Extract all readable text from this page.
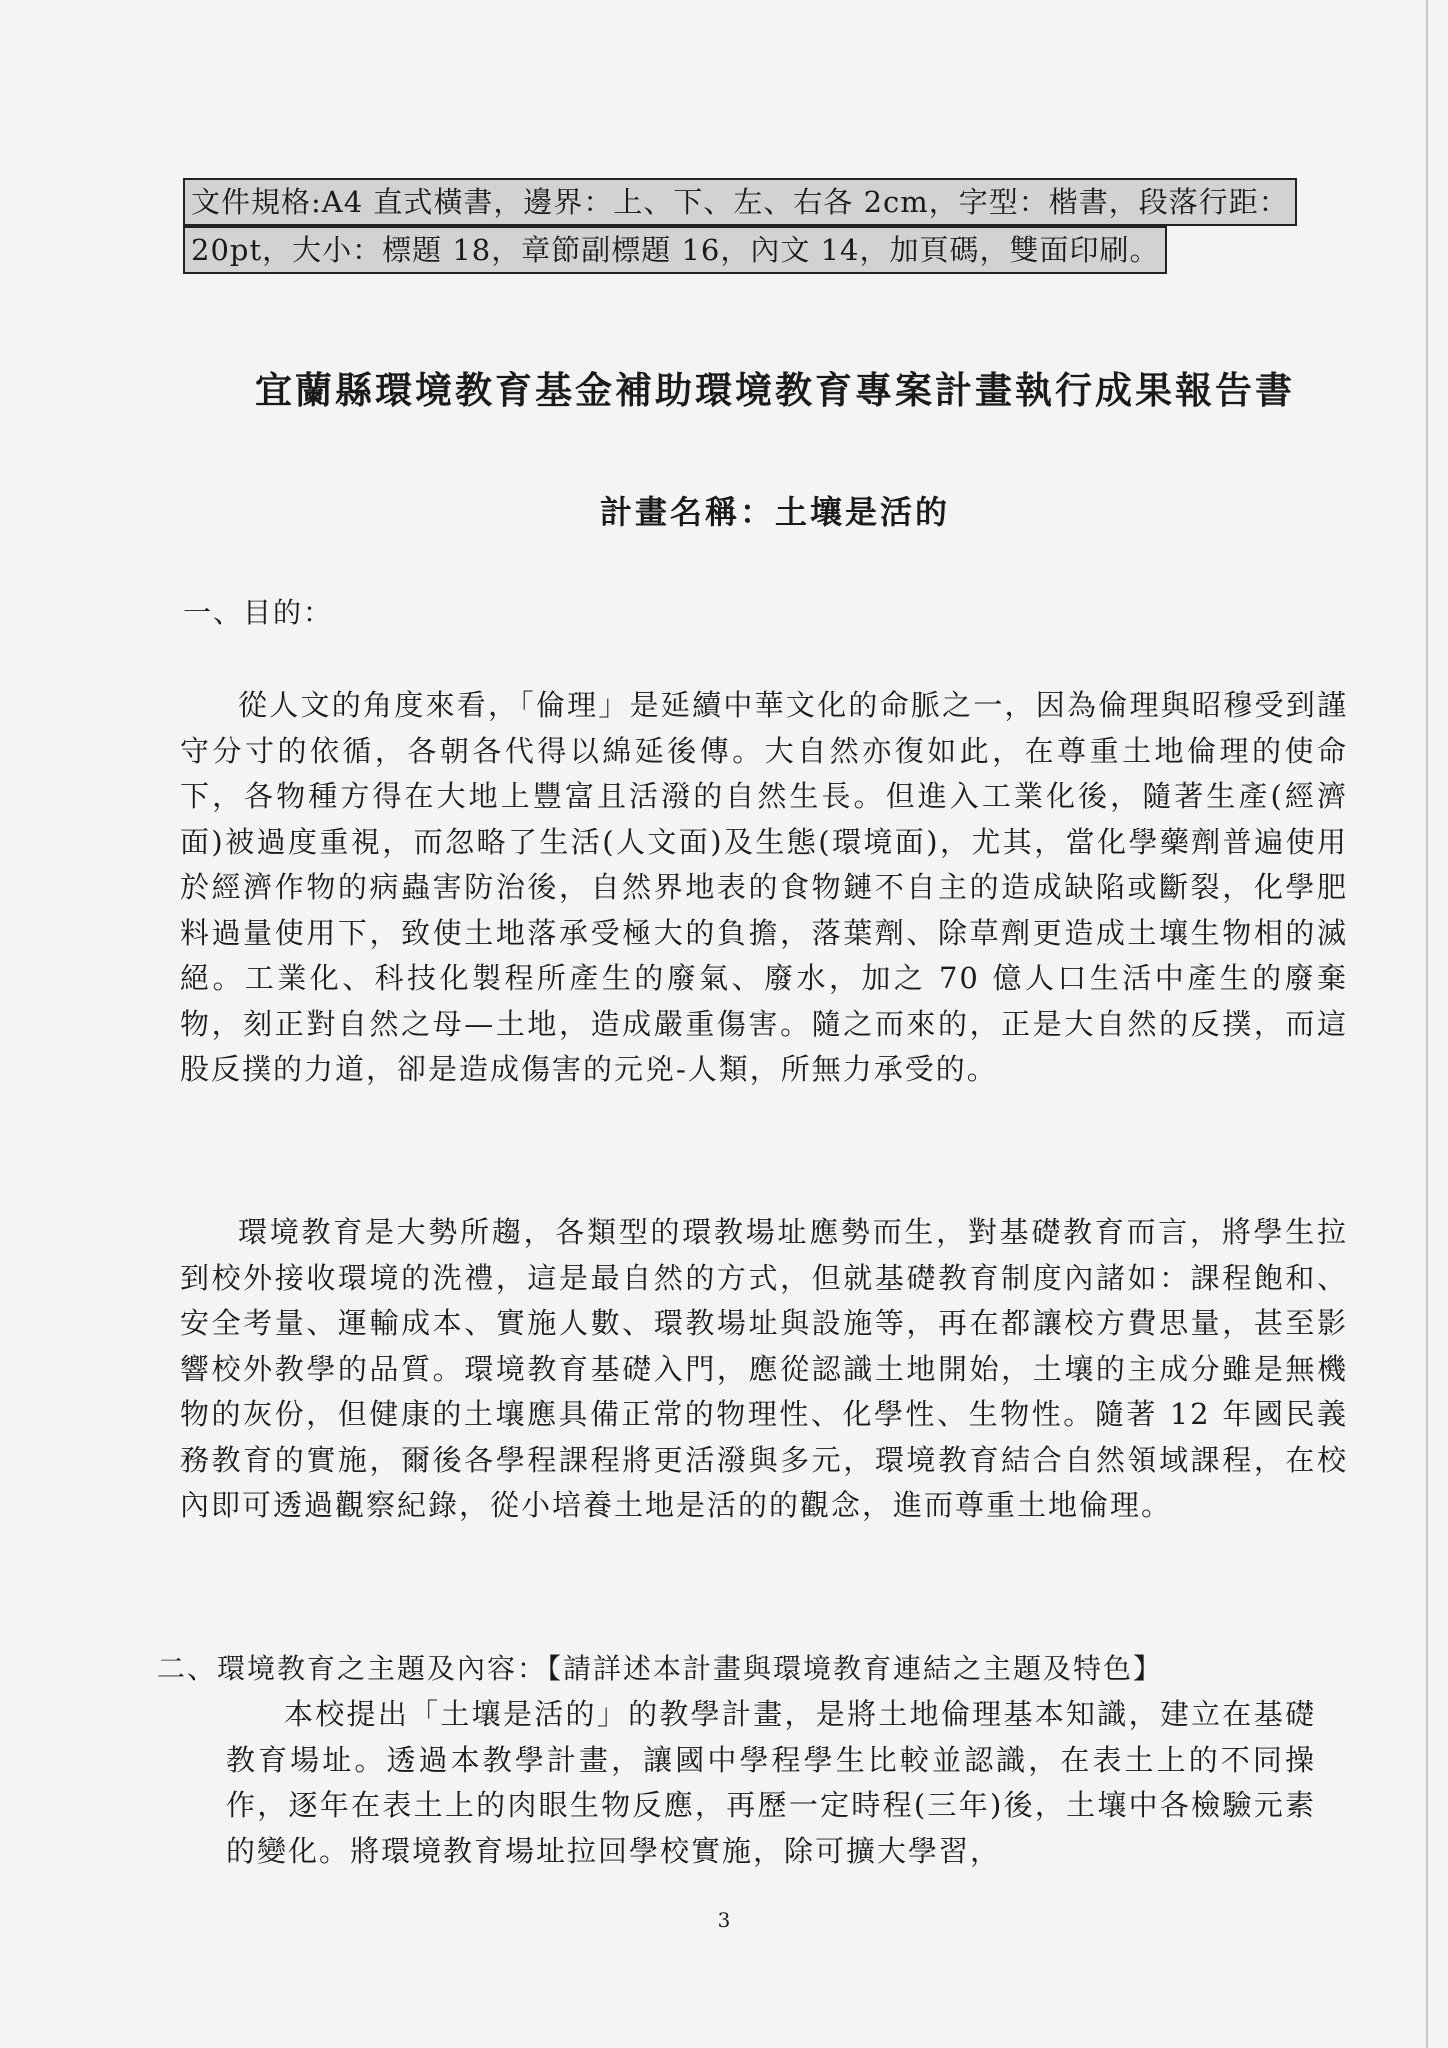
文件規格:A4 直式橫書，邊界：上、下、左、右各 2cm，字型：楷書，段落行距：
20pt，大小：標題 18，章節副標題 16，內文 14，加頁碼，雙面印刷。
宜蘭縣環境教育基金補助環境教育專案計畫執行成果報告書
計畫名稱：土壤是活的
一、目的：

從人文的角度來看，「倫理」是延續中華文化的命脈之一，因為倫理與昭穆受到謹守分寸的依循，各朝各代得以綿延後傳。大自然亦復如此，在尊重土地倫理的使命下，各物種方得在大地上豐富且活潑的自然生長。但進入工業化後，隨著生產(經濟面)被過度重視，而忽略了生活(人文面)及生態(環境面)，尤其，當化學藥劑普遍使用於經濟作物的病蟲害防治後，自然界地表的食物鏈不自主的造成缺陷或斷裂，化學肥料過量使用下，致使土地落承受極大的負擔，落葉劑、除草劑更造成土壤生物相的滅絕。工業化、科技化製程所產生的廢氣、廢水，加之 70 億人口生活中產生的廢棄物，刻正對自然之母—土地，造成嚴重傷害。隨之而來的，正是大自然的反撲，而這股反撲的力道，卻是造成傷害的元兇-人類，所無力承受的。

環境教育是大勢所趨，各類型的環教場址應勢而生，對基礎教育而言，將學生拉到校外接收環境的洗禮，這是最自然的方式，但就基礎教育制度內諸如：課程飽和、安全考量、運輸成本、實施人數、環教場址與設施等，再在都讓校方費思量，甚至影響校外教學的品質。環境教育基礎入門，應從認識土地開始，土壤的主成分雖是無機物的灰份，但健康的土壤應具備正常的物理性、化學性、生物性。隨著 12 年國民義務教育的實施，爾後各學程課程將更活潑與多元，環境教育結合自然領域課程，在校內即可透過觀察紀錄，從小培養土地是活的的觀念，進而尊重土地倫理。

二、環境教育之主題及內容：【請詳述本計畫與環境教育連結之主題及特色】

本校提出「土壤是活的」的教學計畫，是將土地倫理基本知識，建立在基礎教育場址。透過本教學計畫，讓國中學程學生比較並認識，在表土上的不同操作，逐年在表土上的肉眼生物反應，再歷一定時程(三年)後，土壤中各檢驗元素的變化。將環境教育場址拉回學校實施，除可擴大學習，

3
